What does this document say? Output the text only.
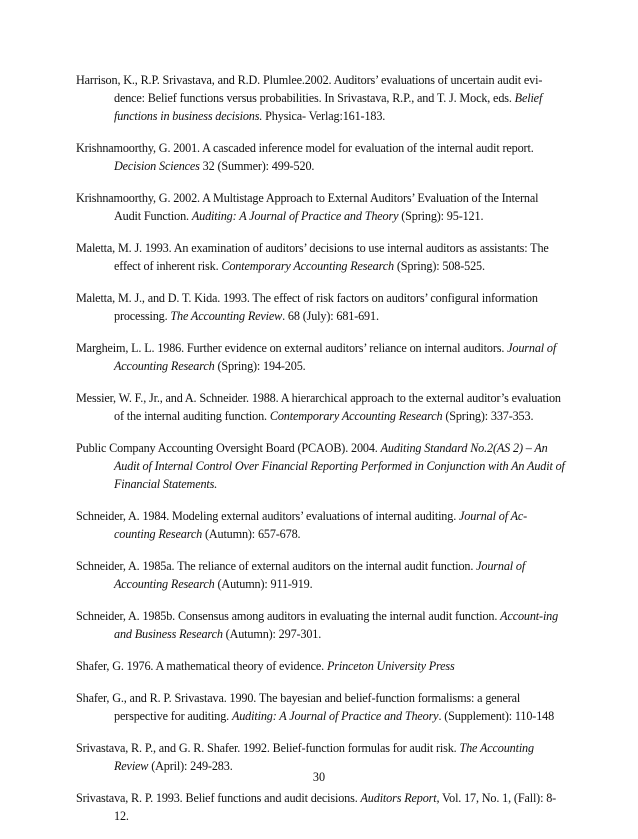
Harrison, K., R.P. Srivastava, and R.D. Plumlee.2002. Auditors’ evaluations of uncertain audit evi-dence: Belief functions versus probabilities. In Srivastava, R.P., and T. J. Mock, eds. Belief functions in business decisions. Physica- Verlag:161-183.

Krishnamoorthy, G. 2001. A cascaded inference model for evaluation of the internal audit report. Decision Sciences 32 (Summer): 499-520.

Krishnamoorthy, G. 2002. A Multistage Approach to External Auditors’ Evaluation of the Internal Audit Function. Auditing: A Journal of Practice and Theory (Spring): 95-121.

Maletta, M. J. 1993. An examination of auditors’ decisions to use internal auditors as assistants: The effect of inherent risk. Contemporary Accounting Research (Spring): 508-525.

Maletta, M. J., and D. T. Kida. 1993. The effect of risk factors on auditors’ configural information processing. The Accounting Review. 68 (July): 681-691.

Margheim, L. L. 1986. Further evidence on external auditors’ reliance on internal auditors. Journal of Accounting Research (Spring): 194-205.

Messier, W. F., Jr., and A. Schneider. 1988. A hierarchical approach to the external auditor’s evaluation of the internal auditing function. Contemporary Accounting Research (Spring): 337-353.

Public Company Accounting Oversight Board (PCAOB). 2004. Auditing Standard No.2(AS 2) – An Audit of Internal Control Over Financial Reporting Performed in Conjunction with An Audit of Financial Statements.

Schneider, A. 1984. Modeling external auditors’ evaluations of internal auditing. Journal of Ac-counting Research (Autumn): 657-678.

Schneider, A. 1985a. The reliance of external auditors on the internal audit function. Journal of Accounting Research (Autumn): 911-919.

Schneider, A. 1985b. Consensus among auditors in evaluating the internal audit function. Account-ing and Business Research (Autumn): 297-301.

Shafer, G. 1976. A mathematical theory of evidence. Princeton University Press

Shafer, G., and R. P. Srivastava. 1990. The bayesian and belief-function formalisms: a general perspective for auditing. Auditing: A Journal of Practice and Theory. (Supplement): 110-148

Srivastava, R. P., and G. R. Shafer. 1992. Belief-function formulas for audit risk. The Accounting Review (April): 249-283.

Srivastava, R. P. 1993. Belief functions and audit decisions. Auditors Report, Vol. 17, No. 1, (Fall): 8-12.

30
